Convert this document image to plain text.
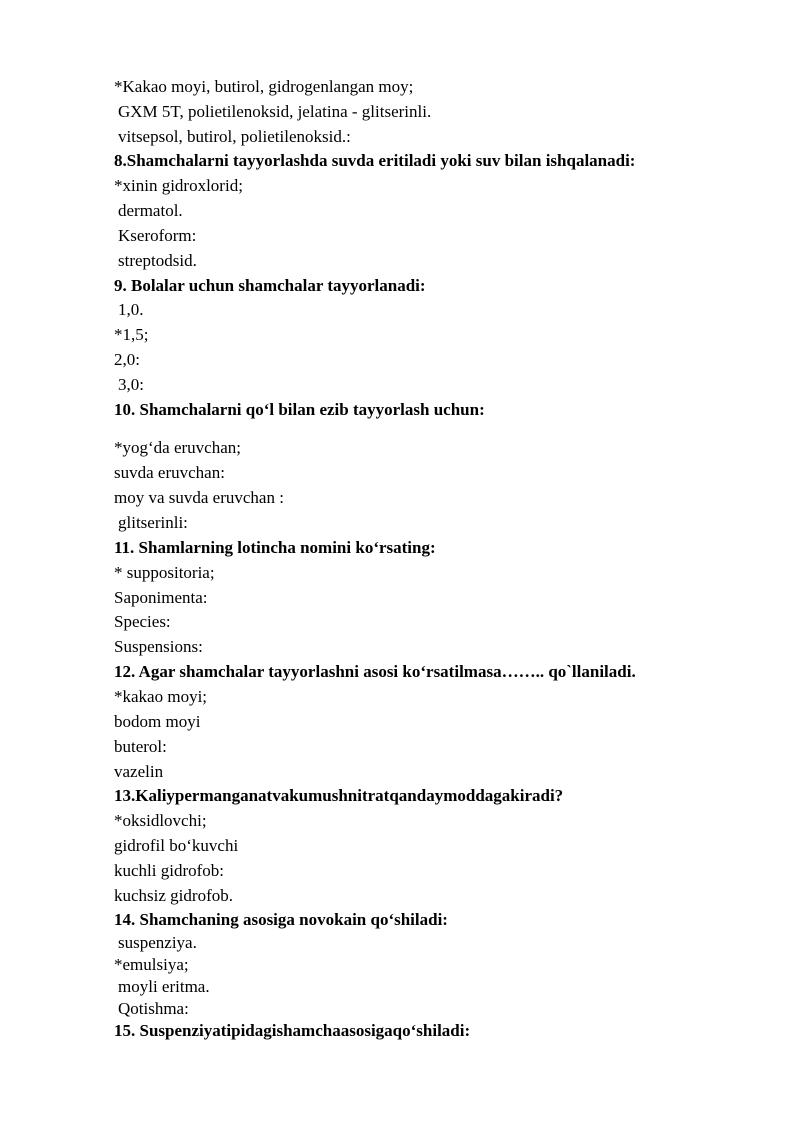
*Kakao moyi, butirol, gidrogenlangan moy;
GXM 5T, polietilenoksid, jelatina - glitserinli.
vitsepsol, butirol, polietilenoksid.:
8.Shamchalarni tayyorlashda suvda eritiladi yoki suv bilan ishqalanadi:
*xinin gidroxlorid;
dermatol.
Kseroform:
streptodsid.
9. Bolalar uchun shamchalar tayyorlanadi:
1,0.
*1,5;
2,0:
3,0:
10. Shamchalarni qo‘l bilan ezib tayyorlash uchun:
*yog‘da eruvchan;
suvda eruvchan:
moy va suvda eruvchan :
glitserinli:
11. Shamlarning lotincha nomini ko‘rsating:
* suppositoria;
Saponimenta:
Species:
Suspensions:
12. Agar shamchalar tayyorlashni asosi ko‘rsatilmasa…….. qo`llaniladi.
*kakao moyi;
bodom moyi
buterol:
vazelin
13.Kaliypermanganatvakumushnitratqandaymoddagakiradi?
*oksidlovchi;
gidrofil bo‘kuvchi
kuchli gidrofob:
kuchsiz gidrofob.
14. Shamchaning asosiga novokain qo‘shiladi:
suspenziya.
*emulsiya;
moyli eritma.
Qotishma:
15. Suspenziyatipidagishamchaasosigaqo‘shiladi:
